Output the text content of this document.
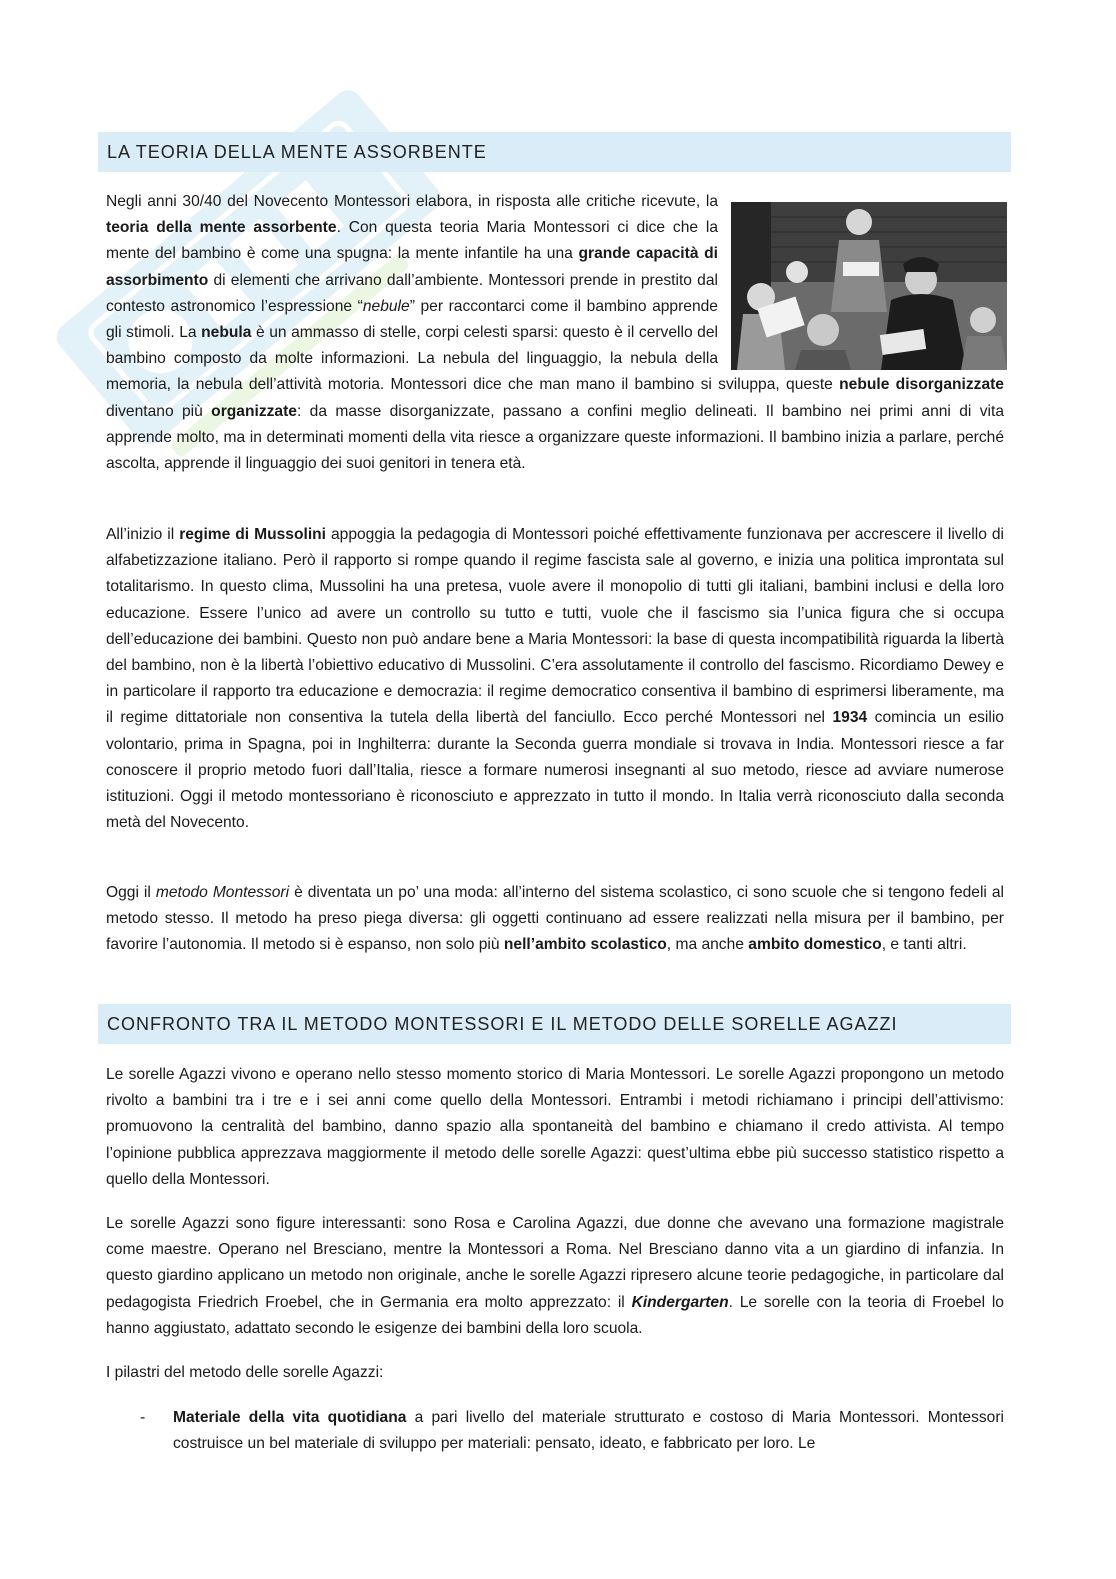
LA TEORIA DELLA MENTE ASSORBENTE

Negli anni 30/40 del Novecento Montessori elabora, in risposta alle critiche ricevute, la teoria della mente assorbente. Con questa teoria Maria Montessori ci dice che la mente del bambino è come una spugna: la mente infantile ha una grande capacità di assorbimento di elementi che arrivano dall’ambiente. Montessori prende in prestito dal contesto astronomico l’espressione “nebule” per raccontarci come il bambino apprende gli stimoli. La nebula è un ammasso di stelle, corpi celesti sparsi: questo è il cervello del bambino composto da molte informazioni. La nebula del linguaggio, la nebula della memoria, la nebula dell’attività motoria. Montessori dice che man mano il bambino si sviluppa, queste nebule disorganizzate diventano più organizzate: da masse disorganizzate, passano a confini meglio delineati. Il bambino nei primi anni di vita apprende molto, ma in determinati momenti della vita riesce a organizzare queste informazioni. Il bambino inizia a parlare, perché ascolta, apprende il linguaggio dei suoi genitori in tenera età.

All’inizio il regime di Mussolini appoggia la pedagogia di Montessori poiché effettivamente funzionava per accrescere il livello di alfabetizzazione italiano. Però il rapporto si rompe quando il regime fascista sale al governo, e inizia una politica improntata sul totalitarismo. In questo clima, Mussolini ha una pretesa, vuole avere il monopolio di tutti gli italiani, bambini inclusi e della loro educazione. Essere l’unico ad avere un controllo su tutto e tutti, vuole che il fascismo sia l’unica figura che si occupa dell’educazione dei bambini. Questo non può andare bene a Maria Montessori: la base di questa incompatibilità riguarda la libertà del bambino, non è la libertà l’obiettivo educativo di Mussolini. C’era assolutamente il controllo del fascismo. Ricordiamo Dewey e in particolare il rapporto tra educazione e democrazia: il regime democratico consentiva il bambino di esprimersi liberamente, ma il regime dittatoriale non consentiva la tutela della libertà del fanciullo. Ecco perché Montessori nel 1934 comincia un esilio volontario, prima in Spagna, poi in Inghilterra: durante la Seconda guerra mondiale si trovava in India. Montessori riesce a far conoscere il proprio metodo fuori dall’Italia, riesce a formare numerosi insegnanti al suo metodo, riesce ad avviare numerose istituzioni. Oggi il metodo montessoriano è riconosciuto e apprezzato in tutto il mondo. In Italia verrà riconosciuto dalla seconda metà del Novecento.

Oggi il metodo Montessori è diventata un po’ una moda: all’interno del sistema scolastico, ci sono scuole che si tengono fedeli al metodo stesso. Il metodo ha preso piega diversa: gli oggetti continuano ad essere realizzati nella misura per il bambino, per favorire l’autonomia. Il metodo si è espanso, non solo più nell’ambito scolastico, ma anche ambito domestico, e tanti altri.

CONFRONTO TRA IL METODO MONTESSORI E IL METODO DELLE SORELLE AGAZZI

Le sorelle Agazzi vivono e operano nello stesso momento storico di Maria Montessori. Le sorelle Agazzi propongono un metodo rivolto a bambini tra i tre e i sei anni come quello della Montessori. Entrambi i metodi richiamano i principi dell’attivismo: promuovono la centralità del bambino, danno spazio alla spontaneità del bambino e chiamano il credo attivista. Al tempo l’opinione pubblica apprezzava maggiormente il metodo delle sorelle Agazzi: quest’ultima ebbe più successo statistico rispetto a quello della Montessori.

Le sorelle Agazzi sono figure interessanti: sono Rosa e Carolina Agazzi, due donne che avevano una formazione magistrale come maestre. Operano nel Bresciano, mentre la Montessori a Roma. Nel Bresciano danno vita a un giardino di infanzia. In questo giardino applicano un metodo non originale, anche le sorelle Agazzi ripresero alcune teorie pedagogiche, in particolare dal pedagogista Friedrich Froebel, che in Germania era molto apprezzato: il Kindergarten. Le sorelle con la teoria di Froebel lo hanno aggiustato, adattato secondo le esigenze dei bambini della loro scuola.

I pilastri del metodo delle sorelle Agazzi:

- Materiale della vita quotidiana a pari livello del materiale strutturato e costoso di Maria Montessori. Montessori costruisce un bel materiale di sviluppo per materiali: pensato, ideato, e fabbricato per loro. Le
